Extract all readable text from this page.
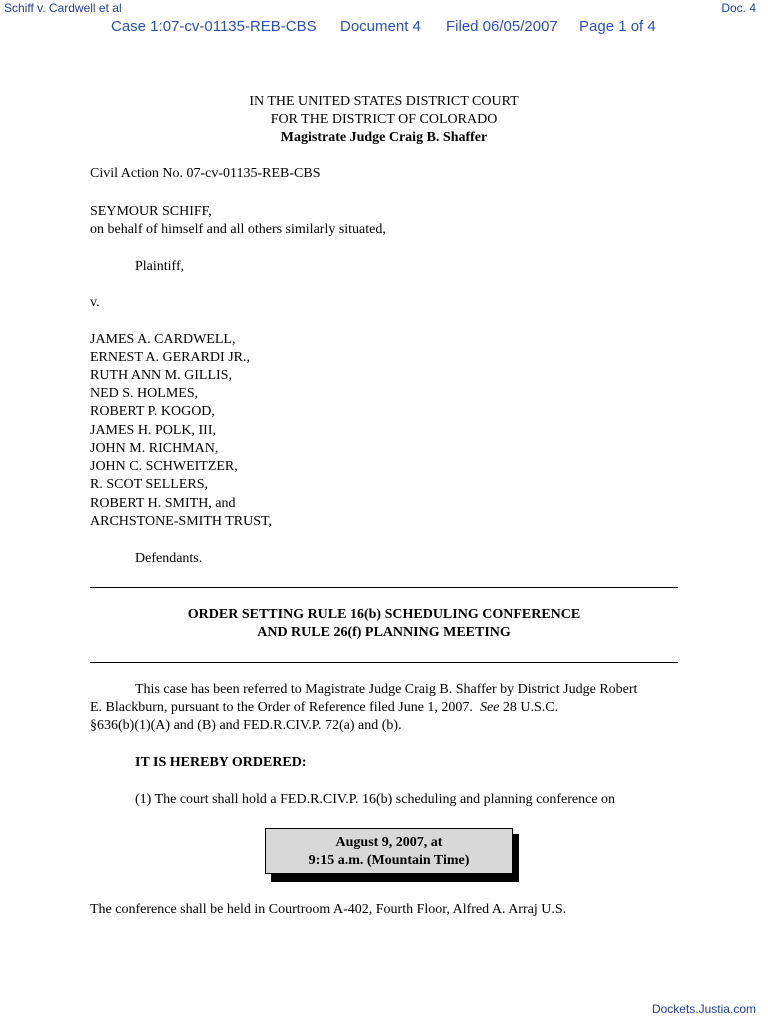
Schiff v. Cardwell et al	Doc. 4
Case 1:07-cv-01135-REB-CBS Document 4 Filed 06/05/2007 Page 1 of 4
IN THE UNITED STATES DISTRICT COURT
FOR THE DISTRICT OF COLORADO
Magistrate Judge Craig B. Shaffer
Civil Action No. 07-cv-01135-REB-CBS
SEYMOUR SCHIFF,
on behalf of himself and all others similarly situated,
Plaintiff,
v.
JAMES A. CARDWELL,
ERNEST A. GERARDI JR.,
RUTH ANN M. GILLIS,
NED S. HOLMES,
ROBERT P. KOGOD,
JAMES H. POLK, III,
JOHN M. RICHMAN,
JOHN C. SCHWEITZER,
R. SCOT SELLERS,
ROBERT H. SMITH, and
ARCHSTONE-SMITH TRUST,
Defendants.
ORDER SETTING RULE 16(b) SCHEDULING CONFERENCE
AND RULE 26(f) PLANNING MEETING
This case has been referred to Magistrate Judge Craig B. Shaffer by District Judge Robert
E. Blackburn, pursuant to the Order of Reference filed June 1, 2007.  See 28 U.S.C.
§636(b)(1)(A) and (B) and FED.R.CIV.P. 72(a) and (b).
IT IS HEREBY ORDERED:
(1) The court shall hold a FED.R.CIV.P. 16(b) scheduling and planning conference on
August 9, 2007, at
9:15 a.m. (Mountain Time)
The conference shall be held in Courtroom A-402, Fourth Floor, Alfred A. Arraj U.S.
Dockets.Justia.com
